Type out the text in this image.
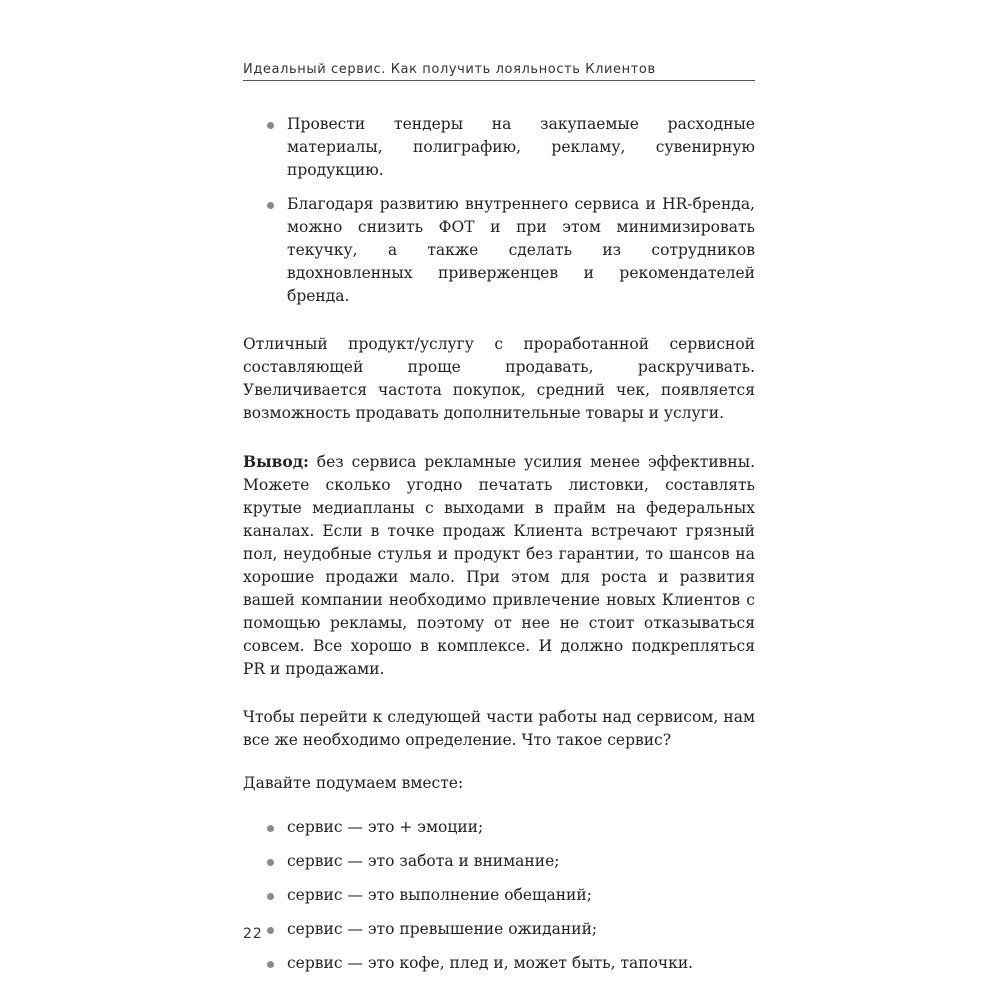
Идеальный сервис. Как получить лояльность Клиентов
Провести тендеры на закупаемые расходные материалы, полиграфию, рекламу, сувенирную продукцию.
Благодаря развитию внутреннего сервиса и HR-бренда, можно снизить ФОТ и при этом минимизировать текучку, а также сделать из сотрудников вдохновленных приверженцев и рекомендателей бренда.

Отличный продукт/услугу с проработанной сервисной составляющей проще продавать, раскручивать. Увеличивается частота покупок, средний чек, появляется возможность продавать дополнительные товары и услуги.

Вывод: без сервиса рекламные усилия менее эффективны. Можете сколько угодно печатать листовки, составлять крутые медиапланы с выходами в прайм на федеральных каналах. Если в точке продаж Клиента встречают грязный пол, неудобные стулья и продукт без гарантии, то шансов на хорошие продажи мало. При этом для роста и развития вашей компании необходимо привлечение новых Клиентов с помощью рекламы, поэтому от нее не стоит отказываться совсем. Все хорошо в комплексе. И должно подкрепляться PR и продажами.

Чтобы перейти к следующей части работы над сервисом, нам все же необходимо определение. Что такое сервис?

Давайте подумаем вместе:

сервис — это + эмоции;
сервис — это забота и внимание;
сервис — это выполнение обещаний;
сервис — это превышение ожиданий;
сервис — это кофе, плед и, может быть, тапочки.
22
